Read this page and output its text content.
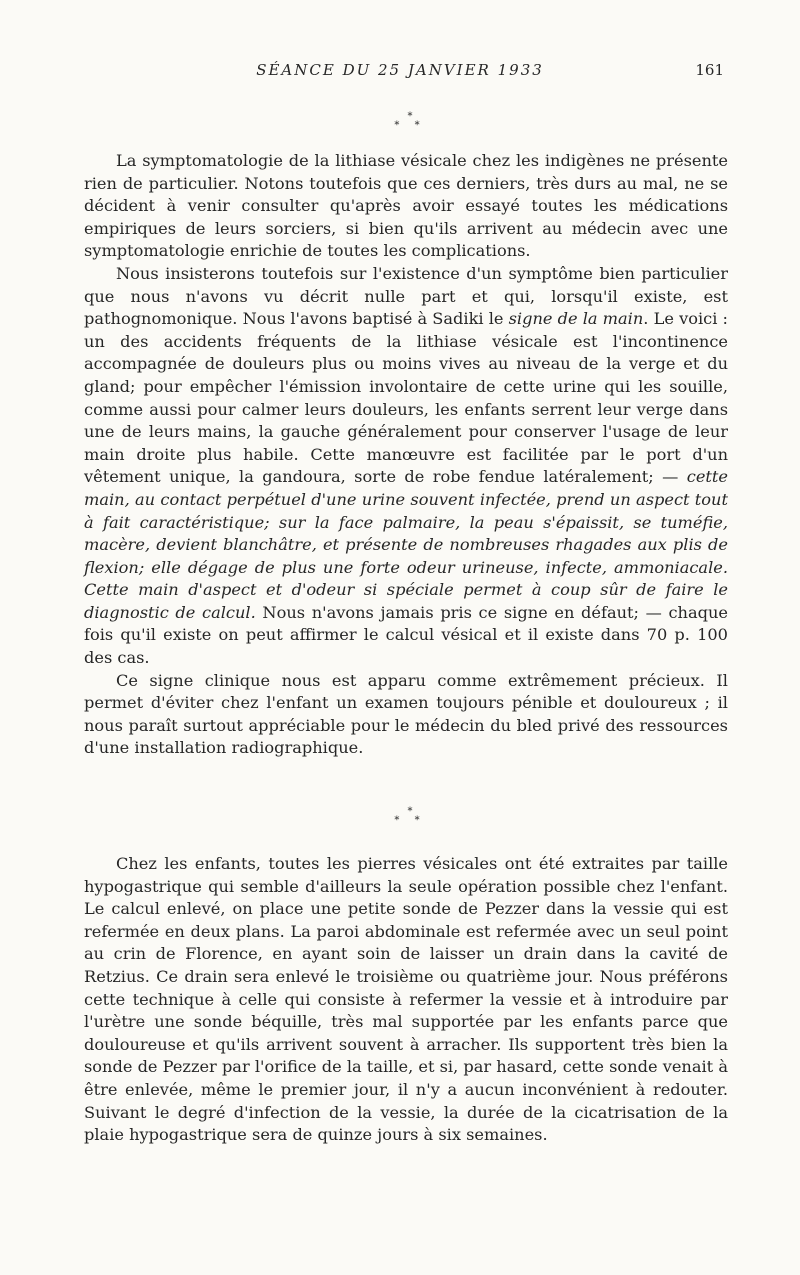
SÉANCE DU 25 JANVIER 1933	161
*
* *

La symptomatologie de la lithiase vésicale chez les indigènes ne présente rien de particulier. Notons toutefois que ces derniers, très durs au mal, ne se décident à venir consulter qu'après avoir essayé toutes les médications empiriques de leurs sorciers, si bien qu'ils arrivent au médecin avec une symptomatologie enrichie de toutes les complications.

Nous insisterons toutefois sur l'existence d'un symptôme bien particulier que nous n'avons vu décrit nulle part et qui, lorsqu'il existe, est pathognomonique. Nous l'avons baptisé à Sadiki le signe de la main. Le voici : un des accidents fréquents de la lithiase vésicale est l'incontinence accompagnée de douleurs plus ou moins vives au niveau de la verge et du gland; pour empêcher l'émission involontaire de cette urine qui les souille, comme aussi pour calmer leurs douleurs, les enfants serrent leur verge dans une de leurs mains, la gauche généralement pour conserver l'usage de leur main droite plus habile. Cette manœuvre est facilitée par le port d'un vêtement unique, la gandoura, sorte de robe fendue latéralement; — cette main, au contact perpétuel d'une urine souvent infectée, prend un aspect tout à fait caractéristique; sur la face palmaire, la peau s'épaissit, se tuméfie, macère, devient blanchâtre, et présente de nombreuses rhagades aux plis de flexion; elle dégage de plus une forte odeur urineuse, infecte, ammoniacale. Cette main d'aspect et d'odeur si spéciale permet à coup sûr de faire le diagnostic de calcul. Nous n'avons jamais pris ce signe en défaut; — chaque fois qu'il existe on peut affirmer le calcul vésical et il existe dans 70 p. 100 des cas.

Ce signe clinique nous est apparu comme extrêmement précieux. Il permet d'éviter chez l'enfant un examen toujours pénible et douloureux ; il nous paraît surtout appréciable pour le médecin du bled privé des ressources d'une installation radiographique.

*
* *

Chez les enfants, toutes les pierres vésicales ont été extraites par taille hypogastrique qui semble d'ailleurs la seule opération possible chez l'enfant. Le calcul enlevé, on place une petite sonde de Pezzer dans la vessie qui est refermée en deux plans. La paroi abdominale est refermée avec un seul point au crin de Florence, en ayant soin de laisser un drain dans la cavité de Retzius. Ce drain sera enlevé le troisième ou quatrième jour. Nous préférons cette technique à celle qui consiste à refermer la vessie et à introduire par l'urètre une sonde béquille, très mal supportée par les enfants parce que douloureuse et qu'ils arrivent souvent à arracher. Ils supportent très bien la sonde de Pezzer par l'orifice de la taille, et si, par hasard, cette sonde venait à être enlevée, même le premier jour, il n'y a aucun inconvénient à redouter. Suivant le degré d'infection de la vessie, la durée de la cicatrisation de la plaie hypogastrique sera de quinze jours à six semaines.
